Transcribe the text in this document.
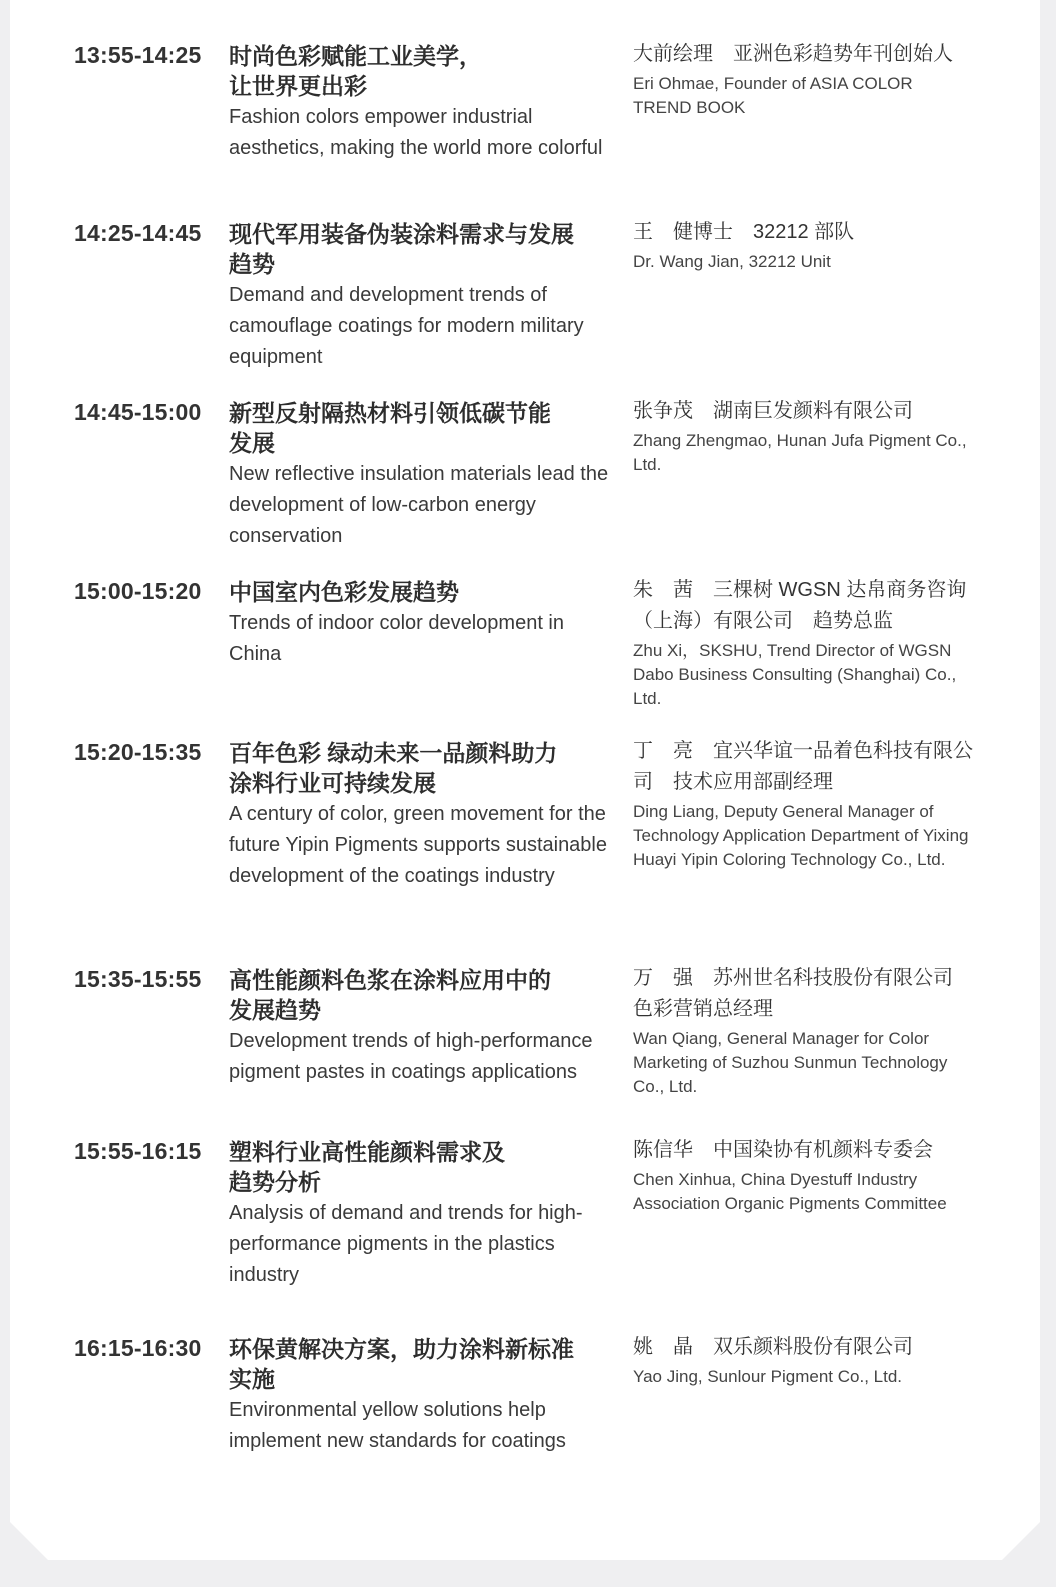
13:55-14:25 时尚色彩赋能工业美学，
让世界更出彩
Fashion colors empower industrial aesthetics, making the world more colorful
大前绘理　亚洲色彩趋势年刊创始人
Eri Ohmae, Founder of ASIA COLOR TREND BOOK
14:25-14:45 现代军用装备伪装涂料需求与发展
趋势
Demand and development trends of camouflage coatings for modern military equipment
王　健博士　32212 部队
Dr. Wang Jian, 32212 Unit
14:45-15:00 新型反射隔热材料引领低碳节能
发展
New reflective insulation materials lead the development of low-carbon energy conservation
张争茂　湖南巨发颜料有限公司
Zhang Zhengmao, Hunan Jufa Pigment Co., Ltd.
15:00-15:20 中国室内色彩发展趋势
Trends of indoor color development in China
朱　茜　三棵树 WGSN 达帛商务咨询（上海）有限公司　趋势总监
Zhu Xi，SKSHU, Trend Director of WGSN Dabo Business Consulting (Shanghai) Co., Ltd.
15:20-15:35 百年色彩 绿动未来一品颜料助力
涂料行业可持续发展
A century of color, green movement for the future Yipin Pigments supports sustainable development of the coatings industry
丁　亮　宜兴华谊一品着色科技有限公司　技术应用部副经理
Ding Liang, Deputy General Manager of Technology Application Department of Yixing Huayi Yipin Coloring Technology Co., Ltd.
15:35-15:55 高性能颜料色浆在涂料应用中的
发展趋势
Development trends of high-performance pigment pastes in coatings applications
万　强　苏州世名科技股份有限公司
色彩营销总经理
Wan Qiang, General Manager for Color Marketing of Suzhou Sunmun Technology Co., Ltd.
15:55-16:15 塑料行业高性能颜料需求及
趋势分析
Analysis of demand and trends for high-performance pigments in the plastics industry
陈信华　中国染协有机颜料专委会
Chen Xinhua, China Dyestuff Industry Association Organic Pigments Committee
16:15-16:30 环保黄解决方案，助力涂料新标准
实施
Environmental yellow solutions help implement new standards for coatings
姚　晶　双乐颜料股份有限公司
Yao Jing, Sunlour Pigment Co., Ltd.
